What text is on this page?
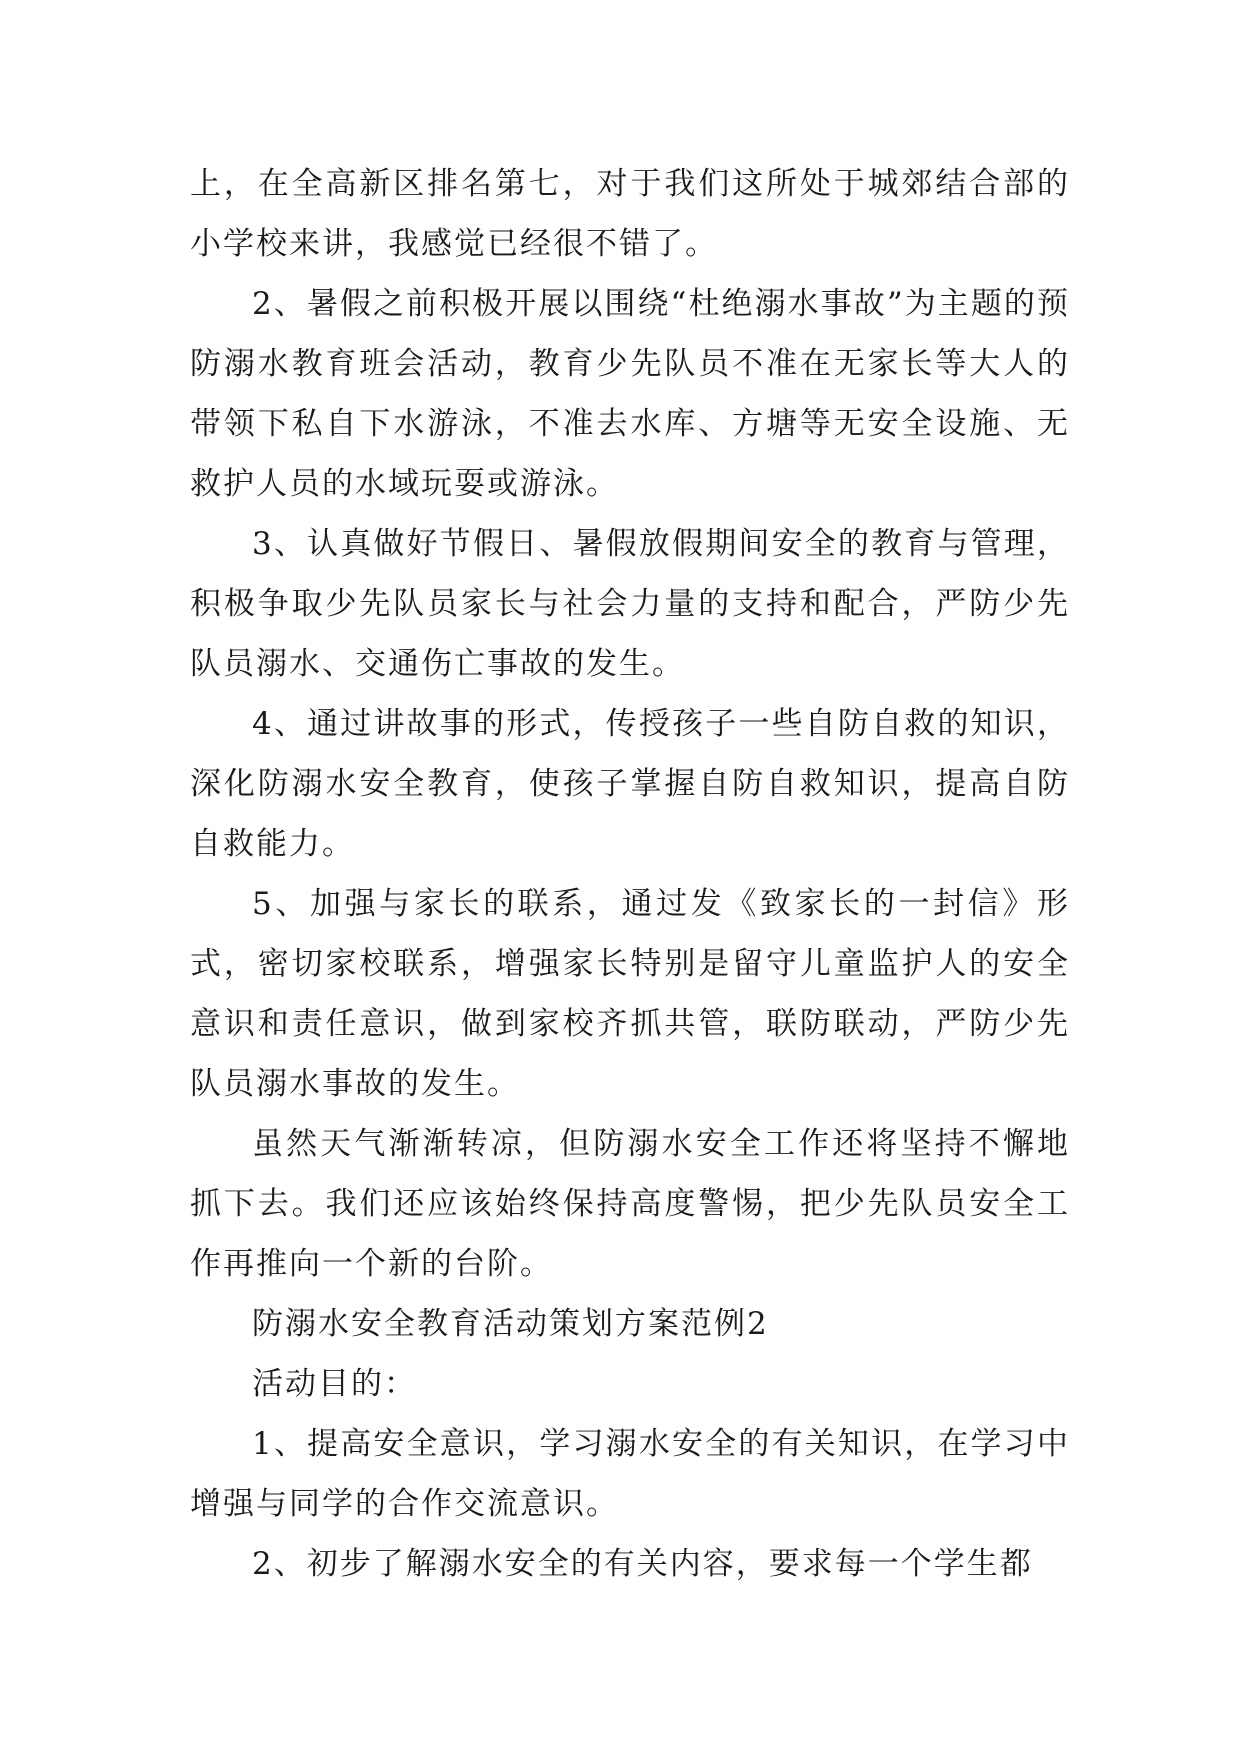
上，在全高新区排名第七，对于我们这所处于城郊结合部的小学校来讲，我感觉已经很不错了。

2、暑假之前积极开展以围绕“杜绝溺水事故”为主题的预防溺水教育班会活动，教育少先队员不准在无家长等大人的带领下私自下水游泳，不准去水库、方塘等无安全设施、无救护人员的水域玩耍或游泳。

3、认真做好节假日、暑假放假期间安全的教育与管理，积极争取少先队员家长与社会力量的支持和配合，严防少先队员溺水、交通伤亡事故的发生。

4、通过讲故事的形式，传授孩子一些自防自救的知识，深化防溺水安全教育，使孩子掌握自防自救知识，提高自防自救能力。

5、加强与家长的联系，通过发《致家长的一封信》形式，密切家校联系，增强家长特别是留守儿童监护人的安全意识和责任意识，做到家校齐抓共管，联防联动，严防少先队员溺水事故的发生。

虽然天气渐渐转凉，但防溺水安全工作还将坚持不懈地抓下去。我们还应该始终保持高度警惕，把少先队员安全工作再推向一个新的台阶。

防溺水安全教育活动策划方案范例2

活动目的：

1、提高安全意识，学习溺水安全的有关知识，在学习中增强与同学的合作交流意识。

2、初步了解溺水安全的有关内容，要求每一个学生都
